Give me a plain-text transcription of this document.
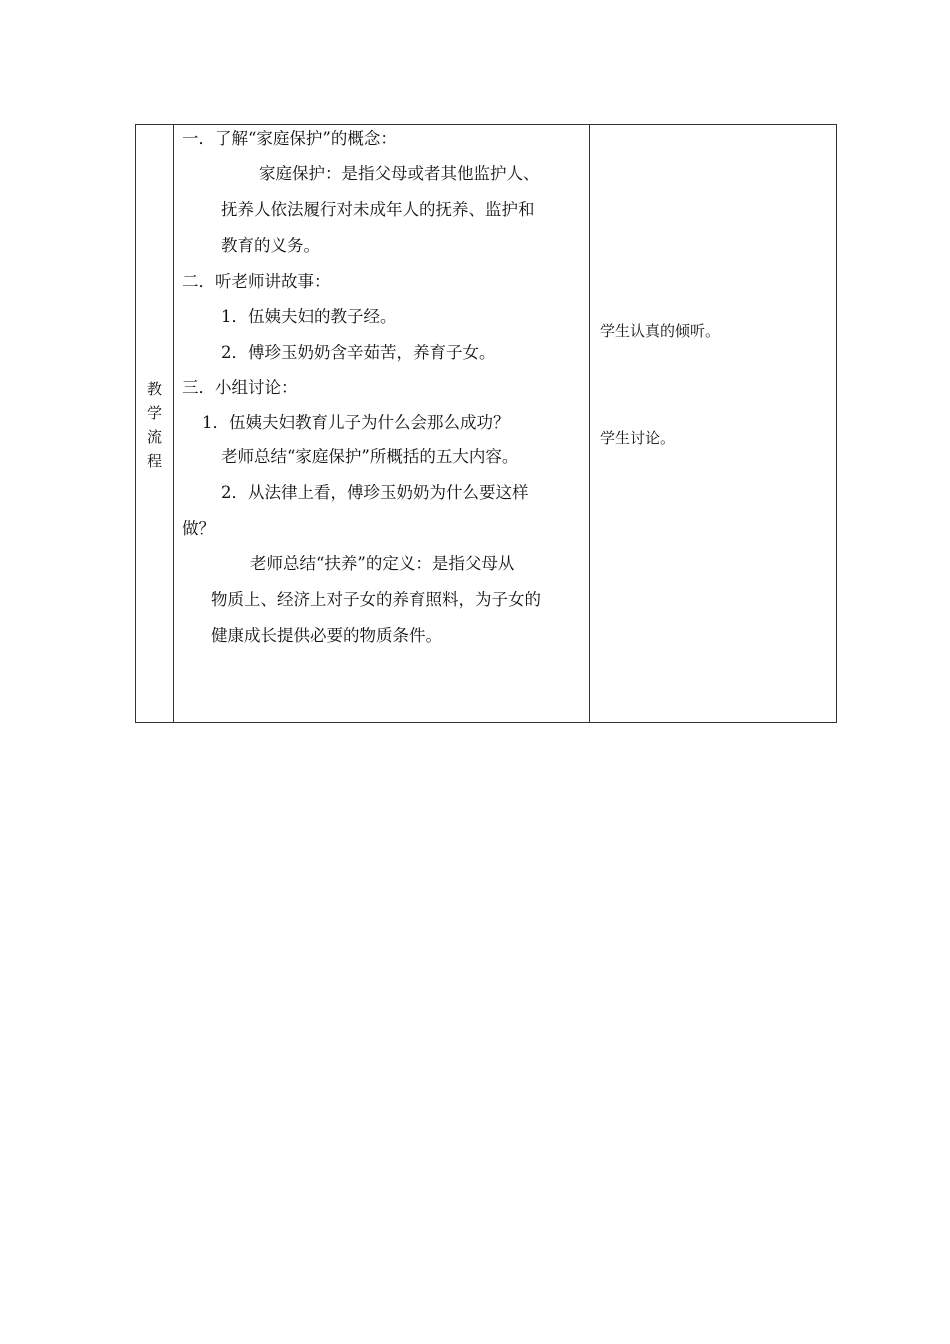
教
学
流
程
一．了解“家庭保护”的概念：
家庭保护：是指父母或者其他监护人、
抚养人依法履行对未成年人的抚养、监护和
教育的义务。
二．听老师讲故事：
1．伍姨夫妇的教子经。
2．傅珍玉奶奶含辛茹苦，养育子女。
三．小组讨论：
1．伍姨夫妇教育儿子为什么会那么成功？
老师总结“家庭保护”所概括的五大内容。
2．从法律上看，傅珍玉奶奶为什么要这样
做？
老师总结“扶养”的定义：是指父母从
物质上、经济上对子女的养育照料，为子女的
健康成长提供必要的物质条件。
学生认真的倾听。
学生讨论。
